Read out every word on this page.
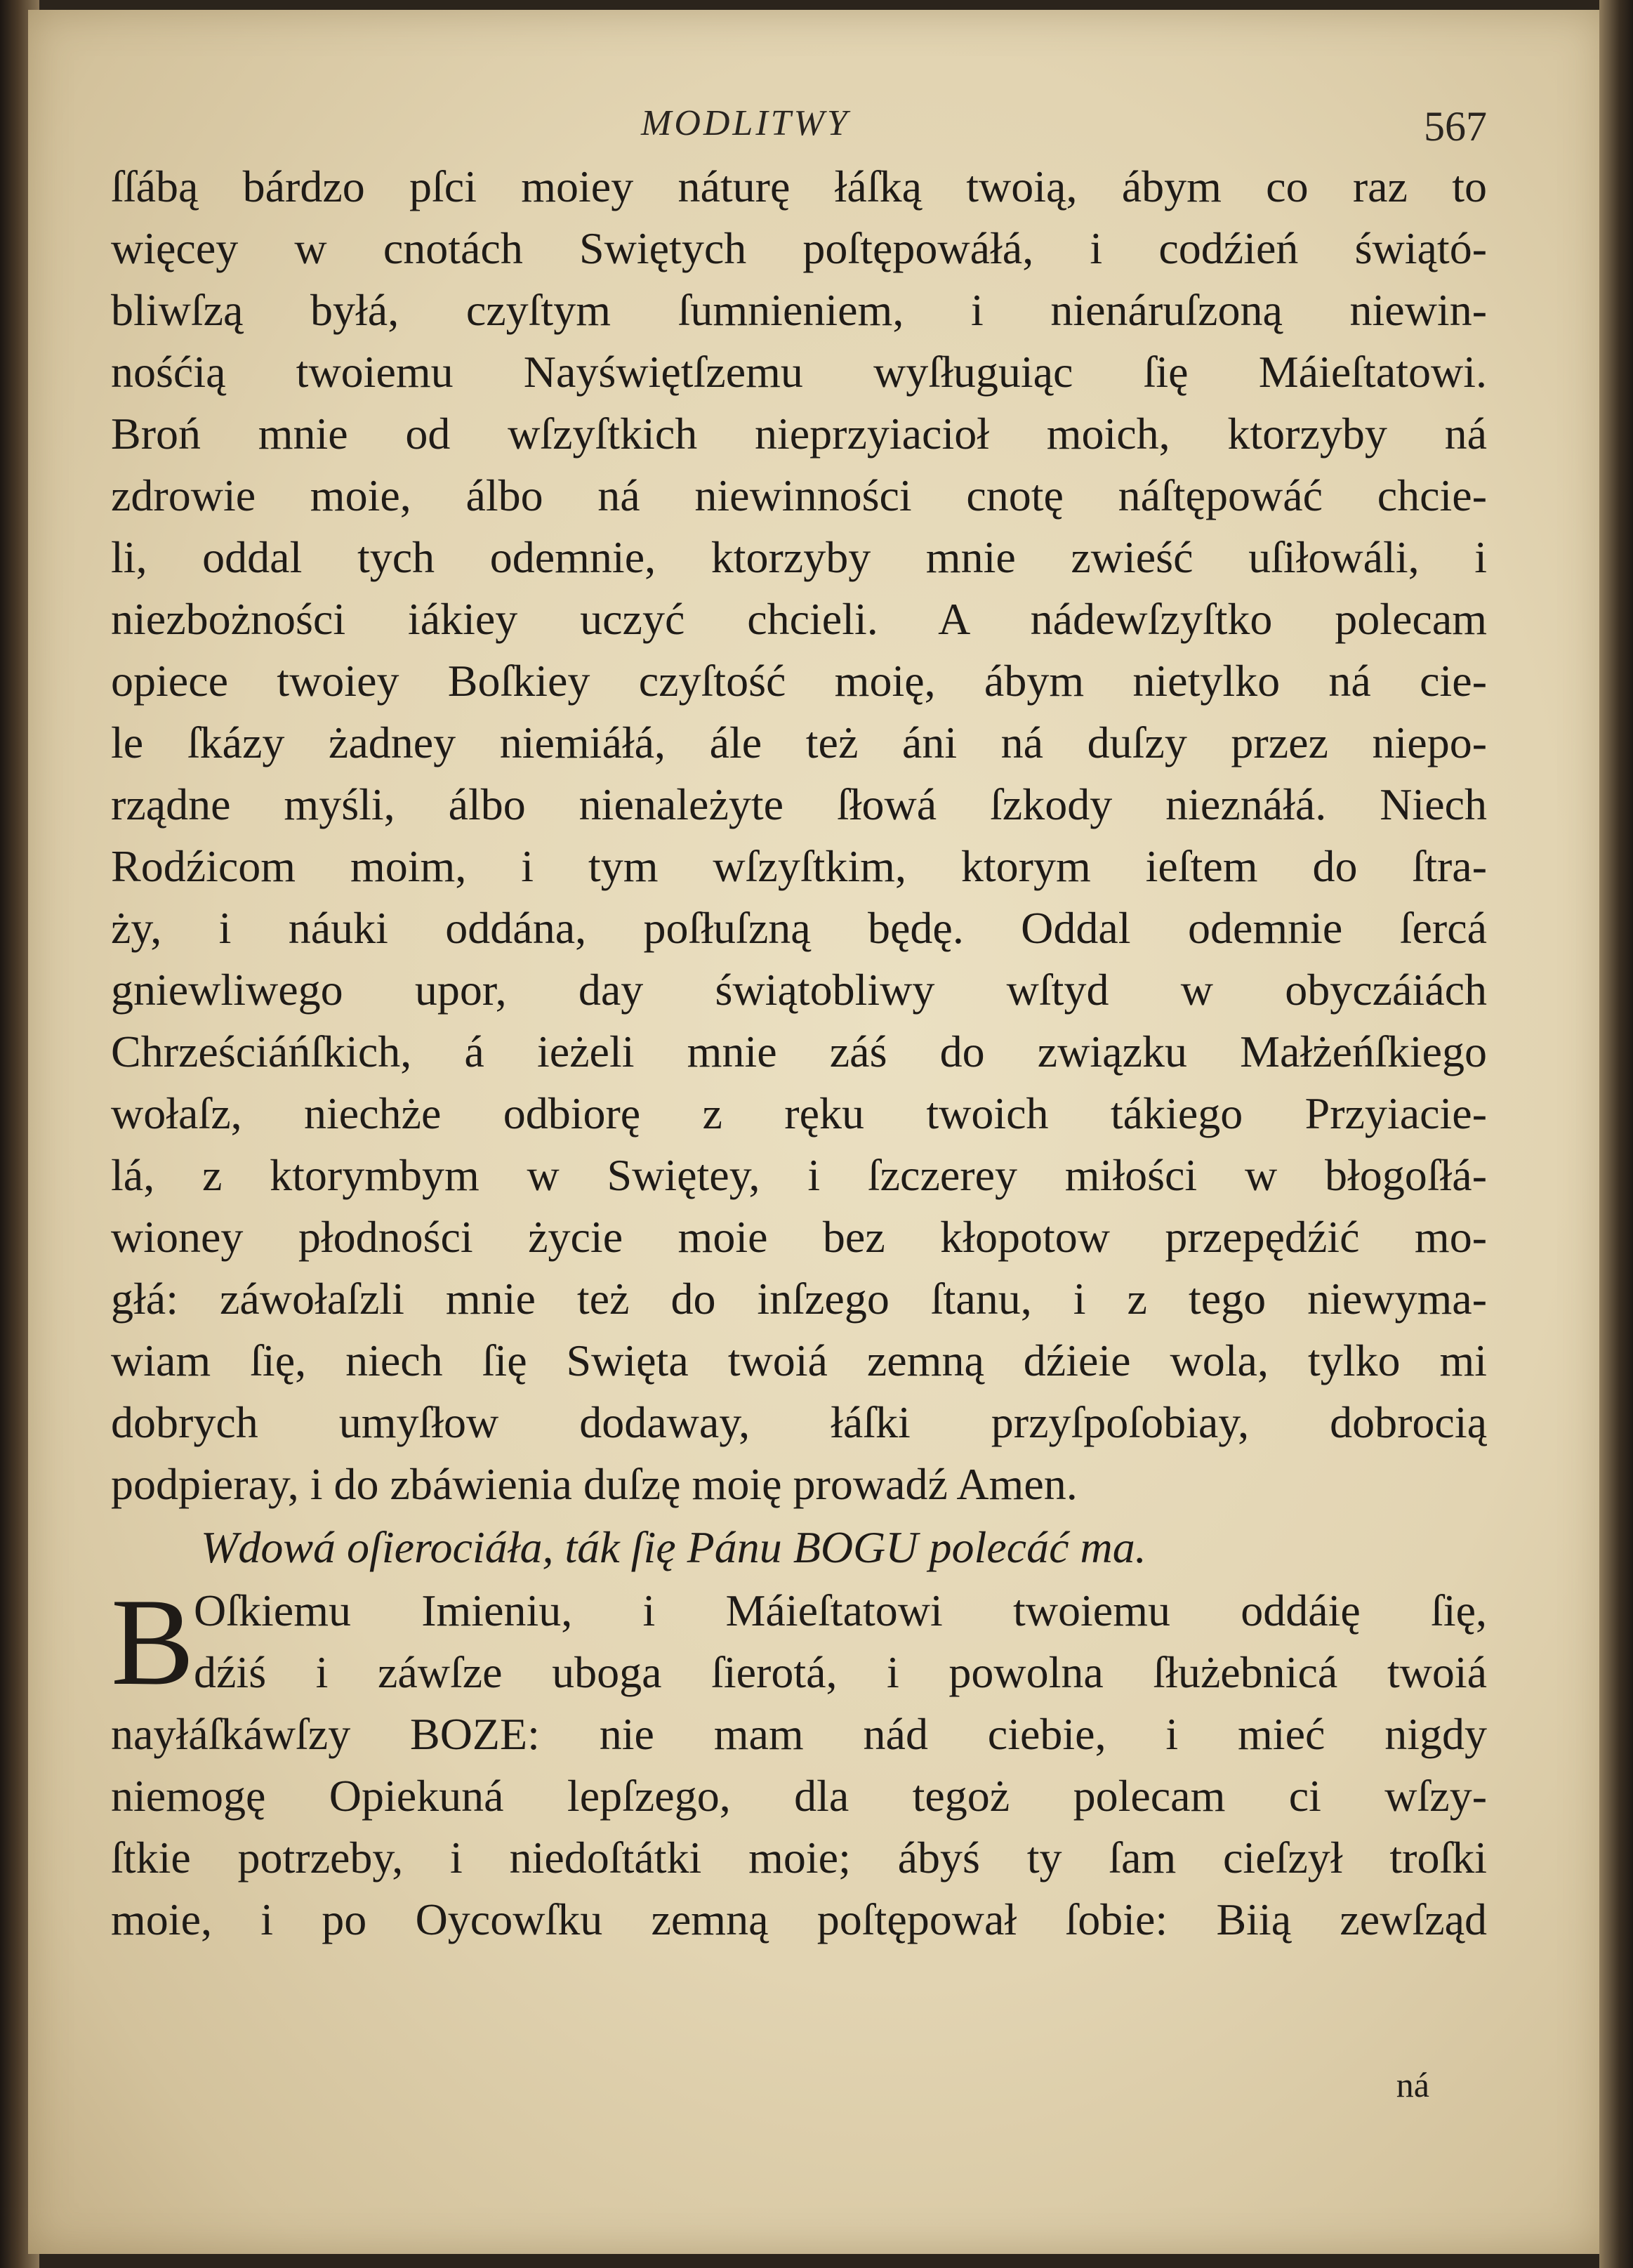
MODLITWY	567
ſſábą bárdzo pſci moiey náturę łáſką twoią, ábym co raz to
więcey w cnotách Swiętych poſtępowáłá, i codźień świątó-
bliwſzą byłá, czyſtym ſumnieniem, i nienáruſzoną niewin-
nośćią twoiemu Nayświętſzemu wyſługuiąc ſię Máieſtatowi.
Broń mnie od wſzyſtkich nieprzyiacioł moich, ktorzyby ná
zdrowie moie, álbo ná niewinności cnotę náſtępowáć chcie-
li, oddal tych odemnie, ktorzyby mnie zwieść uſiłowáli, i
niezbożności iákiey uczyć chcieli. A nádewſzyſtko polecam
opiece twoiey Boſkiey czyſtość moię, ábym nietylko ná cie-
le ſkázy żadney niemiáłá, ále też áni ná duſzy przez niepo-
rządne myśli, álbo nienależyte ſłowá ſzkody nieznáłá. Niech
Rodźicom moim, i tym wſzyſtkim, ktorym ieſtem do ſtra-
ży, i náuki oddána, poſłuſzną będę. Oddal odemnie ſercá
gniewliwego upor, day świątobliwy wſtyd w obyczáiách
Chrześciáńſkich, á ieżeli mnie záś do związku Małżeńſkiego
wołaſz, niechże odbiorę z ręku twoich tákiego Przyiacie-
lá, z ktorymbym w Swiętey, i ſzczerey miłości w błogoſłá-
wioney płodności życie moie bez kłopotow przepędźić mo-
głá: záwołaſzli mnie też do inſzego ſtanu, i z tego niewyma-
wiam ſię, niech ſię Swięta twoiá zemną dźieie wola, tylko mi
dobrych umyſłow dodaway, łáſki przyſpoſobiay, dobrocią
podpieray, i do zbáwienia duſzę moię prowadź Amen.
Wdowá oſierociáła, ták ſię Pánu BOGU polecáć ma.
B Oſkiemu Imieniu, i Máieſtatowi twoiemu oddáię ſię,
dźiś i záwſze uboga ſierotá, i powolna ſłużebnicá twoiá
nayłáſkáwſzy BOZE: nie mam nád ciebie, i mieć nigdy
niemogę Opiekuná lepſzego, dla tegoż polecam ci wſzy-
ſtkie potrzeby, i niedoſtátki moie; ábyś ty ſam cieſzył troſki
moie, i po Oycowſku zemną poſtępował ſobie: Biią zewſząd
ná
